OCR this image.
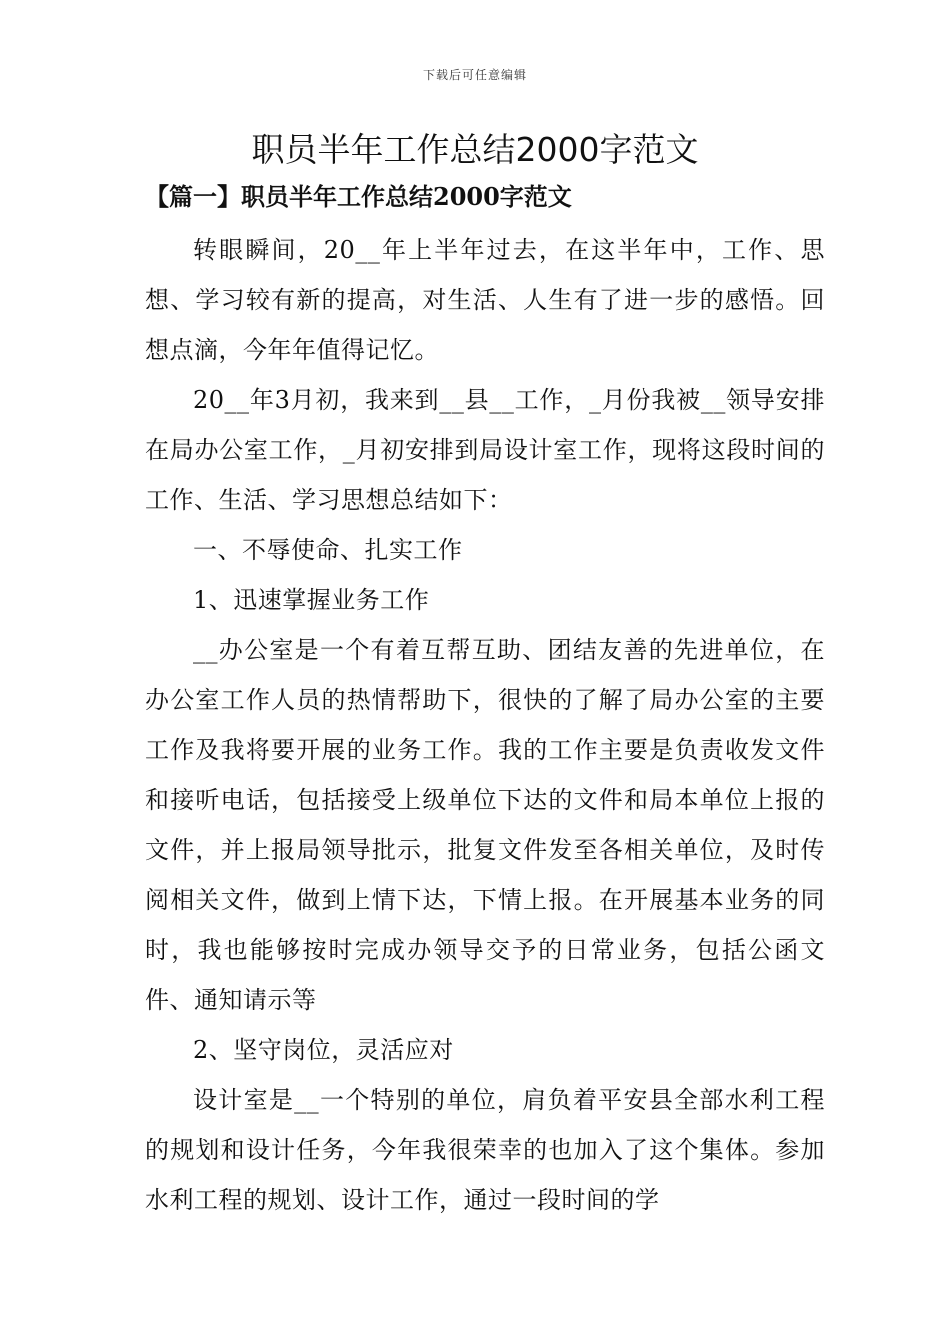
下载后可任意编辑
职员半年工作总结2000字范文
【篇一】职员半年工作总结2000字范文

转眼瞬间，20__年上半年过去，在这半年中，工作、思想、学习较有新的提高，对生活、人生有了进一步的感悟。回想点滴，今年年值得记忆。

20__年3月初，我来到__县__工作，_月份我被__领导安排在局办公室工作，_月初安排到局设计室工作，现将这段时间的工作、生活、学习思想总结如下：

一、不辱使命、扎实工作

1、迅速掌握业务工作

__办公室是一个有着互帮互助、团结友善的先进单位，在办公室工作人员的热情帮助下，很快的了解了局办公室的主要工作及我将要开展的业务工作。我的工作主要是负责收发文件和接听电话，包括接受上级单位下达的文件和局本单位上报的文件，并上报局领导批示，批复文件发至各相关单位，及时传阅相关文件，做到上情下达，下情上报。在开展基本业务的同时，我也能够按时完成办领导交予的日常业务，包括公函文件、通知请示等

2、坚守岗位，灵活应对

设计室是__一个特别的单位，肩负着平安县全部水利工程的规划和设计任务，今年我很荣幸的也加入了这个集体。参加水利工程的规划、设计工作，通过一段时间的学
